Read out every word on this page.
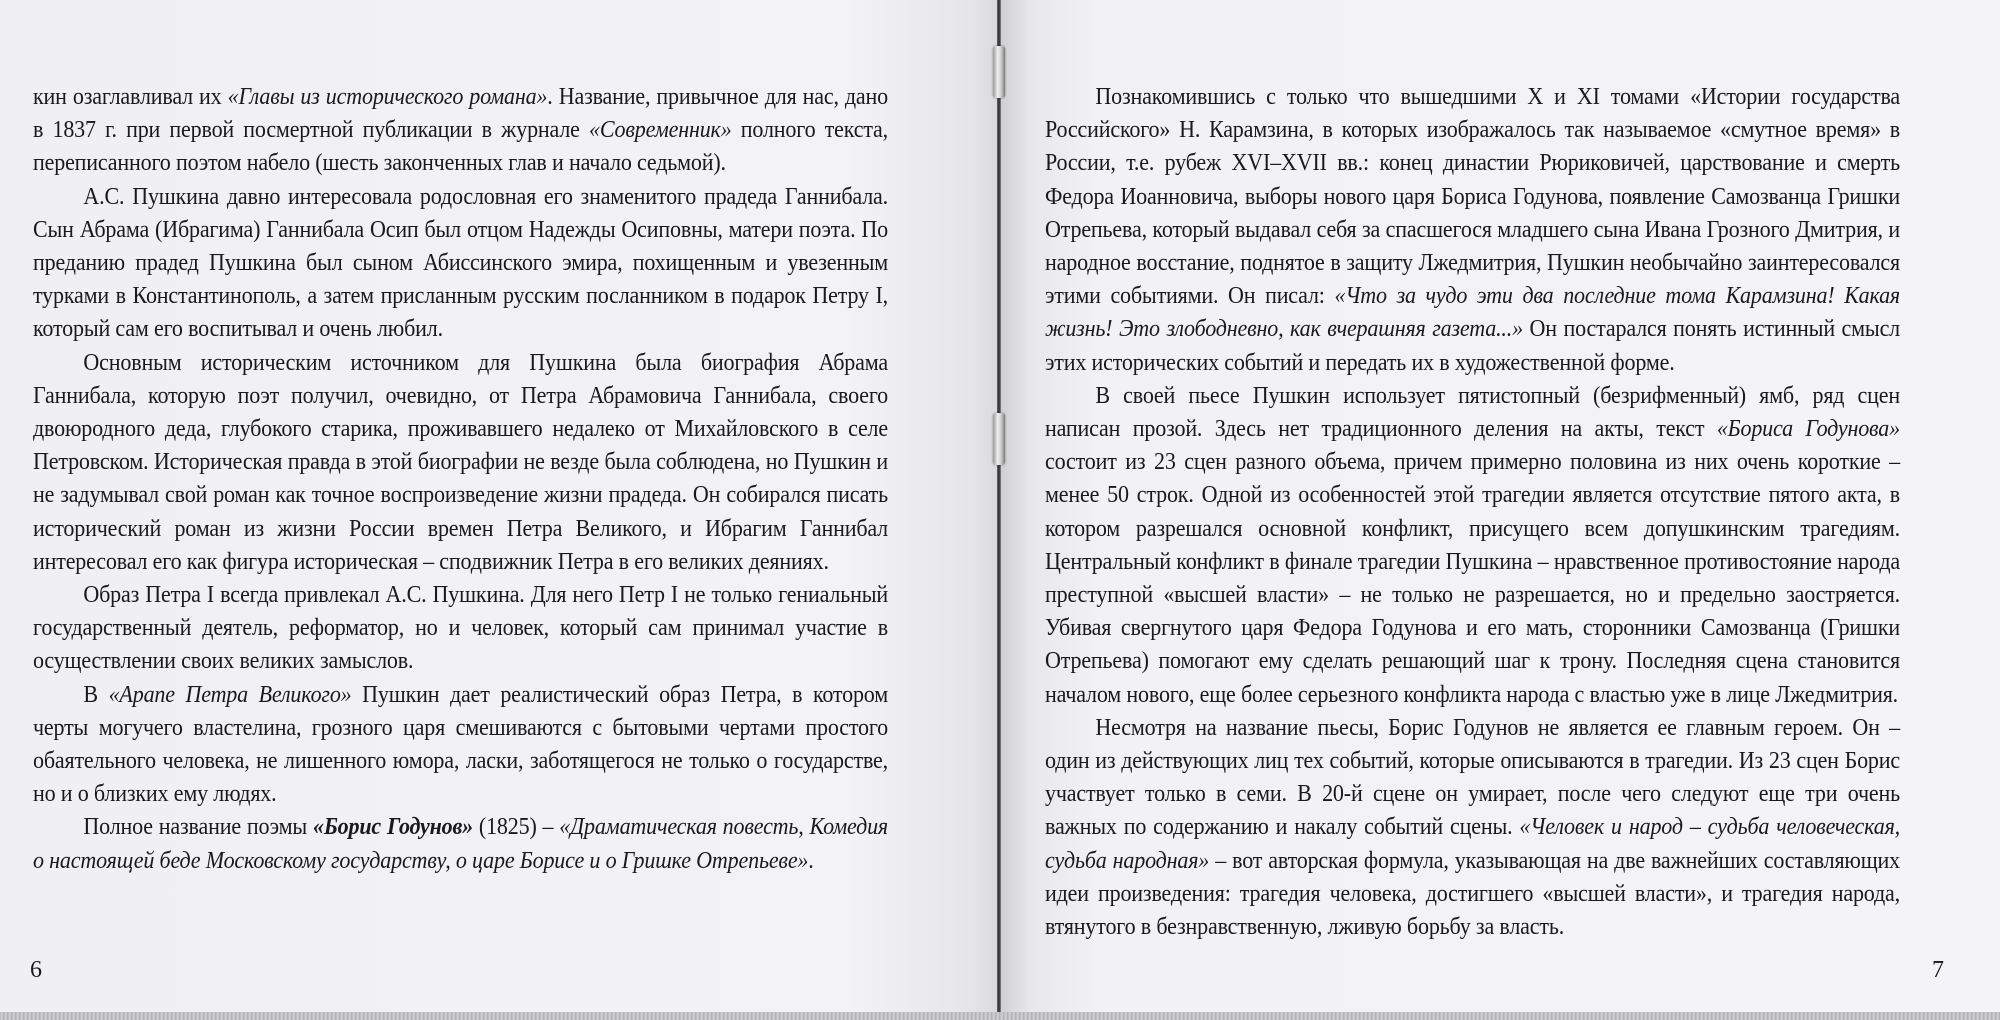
кин озаглавливал их «Главы из исторического романа». Название, привычное для нас, дано в 1837 г. при первой посмертной публикации в журнале «Современник» полного текста, переписанного поэтом набело (шесть законченных глав и начало седьмой).

А.С. Пушкина давно интересовала родословная его знаменитого прадеда Ганнибала. Сын Абрама (Ибрагима) Ганнибала Осип был отцом Надежды Осиповны, матери поэта. По преданию прадед Пушкина был сыном Абиссинского эмира, похищенным и увезенным турками в Константинополь, а затем присланным русским посланником в подарок Петру I, который сам его воспитывал и очень любил.

Основным историческим источником для Пушкина была биография Абрама Ганнибала, которую поэт получил, очевидно, от Петра Абрамовича Ганнибала, своего двоюродного деда, глубокого старика, проживавшего недалеко от Михайловского в селе Петровском. Историческая правда в этой биографии не везде была соблюдена, но Пушкин и не задумывал свой роман как точное воспроизведение жизни прадеда. Он собирался писать исторический роман из жизни России времен Петра Великого, и Ибрагим Ганнибал интересовал его как фигура историческая – сподвижник Петра в его великих деяниях.

Образ Петра I всегда привлекал А.С. Пушкина. Для него Петр I не только гениальный государственный деятель, реформатор, но и человек, который сам принимал участие в осуществлении своих великих замыслов.

В «Арапе Петра Великого» Пушкин дает реалистический образ Петра, в котором черты могучего властелина, грозного царя смешиваются с бытовыми чертами простого обаятельного человека, не лишенного юмора, ласки, заботящегося не только о государстве, но и о близких ему людях.

Полное название поэмы «Борис Годунов» (1825) – «Драматическая повесть, Комедия о настоящей беде Московскому государству, о царе Борисе и о Гришке Отрепьеве».

6

Познакомившись с только что вышедшими X и XI томами «Истории государства Российского» Н. Карамзина, в которых изображалось так называемое «смутное время» в России, т.е. рубеж XVI–XVII вв.: конец династии Рюриковичей, царствование и смерть Федора Иоанновича, выборы нового царя Бориса Годунова, появление Самозванца Гришки Отрепьева, который выдавал себя за спасшегося младшего сына Ивана Грозного Дмитрия, и народное восстание, поднятое в защиту Лжедмитрия, Пушкин необычайно заинтересовался этими событиями. Он писал: «Что за чудо эти два последние тома Карамзина! Какая жизнь! Это злободневно, как вчерашняя газета...» Он постарался понять истинный смысл этих исторических событий и передать их в художественной форме.

В своей пьесе Пушкин использует пятистопный (безрифменный) ямб, ряд сцен написан прозой. Здесь нет традиционного деления на акты, текст «Бориса Годунова» состоит из 23 сцен разного объема, причем примерно половина из них очень короткие – менее 50 строк. Одной из особенностей этой трагедии является отсутствие пятого акта, в котором разрешался основной конфликт, присущего всем допушкинским трагедиям. Центральный конфликт в финале трагедии Пушкина – нравственное противостояние народа преступной «высшей власти» – не только не разрешается, но и предельно заостряется. Убивая свергнутого царя Федора Годунова и его мать, сторонники Самозванца (Гришки Отрепьева) помогают ему сделать решающий шаг к трону. Последняя сцена становится началом нового, еще более серьезного конфликта народа с властью уже в лице Лжедмитрия.

Несмотря на название пьесы, Борис Годунов не является ее главным героем. Он – один из действующих лиц тех событий, которые описываются в трагедии. Из 23 сцен Борис участвует только в семи. В 20-й сцене он умирает, после чего следуют еще три очень важных по содержанию и накалу событий сцены. «Человек и народ – судьба человеческая, судьба народная» – вот авторская формула, указывающая на две важнейших составляющих идеи произведения: трагедия человека, достигшего «высшей власти», и трагедия народа, втянутого в безнравственную, лживую борьбу за власть.

7
